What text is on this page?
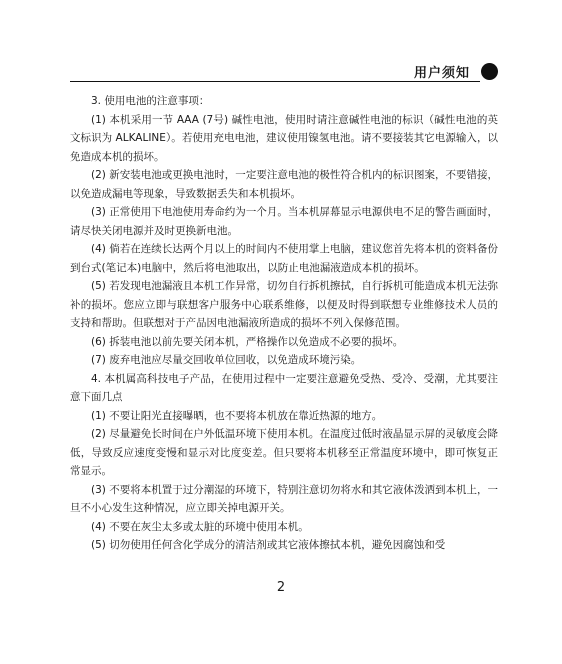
用户须知

3. 使用电池的注意事项：

(1) 本机采用一节 AAA (7号) 碱性电池，使用时请注意碱性电池的标识（碱性电池的英文标识为 ALKALINE）。若使用充电电池，建议使用镍氢电池。请不要接装其它电源输入，以免造成本机的损坏。

(2) 新安装电池或更换电池时，一定要注意电池的极性符合机内的标识图案，不要错接，以免造成漏电等现象，导致数据丢失和本机损坏。

(3) 正常使用下电池使用寿命约为一个月。当本机屏幕显示电源供电不足的警告画面时，请尽快关闭电源并及时更换新电池。

(4) 倘若在连续长达两个月以上的时间内不使用掌上电脑，建议您首先将本机的资料备份到台式(笔记本)电脑中，然后将电池取出，以防止电池漏液造成本机的损坏。

(5) 若发现电池漏液且本机工作异常，切勿自行拆机擦拭，自行拆机可能造成本机无法弥补的损坏。您应立即与联想客户服务中心联系维修，以便及时得到联想专业维修技术人员的支持和帮助。但联想对于产品因电池漏液所造成的损坏不列入保修范围。

(6) 拆装电池以前先要关闭本机，严格操作以免造成不必要的损坏。

(7) 废弃电池应尽量交回收单位回收，以免造成环境污染。

4. 本机属高科技电子产品，在使用过程中一定要注意避免受热、受冷、受潮，尤其要注意下面几点

(1) 不要让阳光直接曝晒，也不要将本机放在靠近热源的地方。

(2) 尽量避免长时间在户外低温环境下使用本机。在温度过低时液晶显示屏的灵敏度会降低，导致反应速度变慢和显示对比度变差。但只要将本机移至正常温度环境中，即可恢复正常显示。

(3) 不要将本机置于过分潮湿的环境下，特别注意切勿将水和其它液体泼洒到本机上，一旦不小心发生这种情况，应立即关掉电源开关。

(4) 不要在灰尘太多或太脏的环境中使用本机。

(5) 切勿使用任何含化学成分的清洁剂或其它液体擦拭本机，避免因腐蚀和受

2
